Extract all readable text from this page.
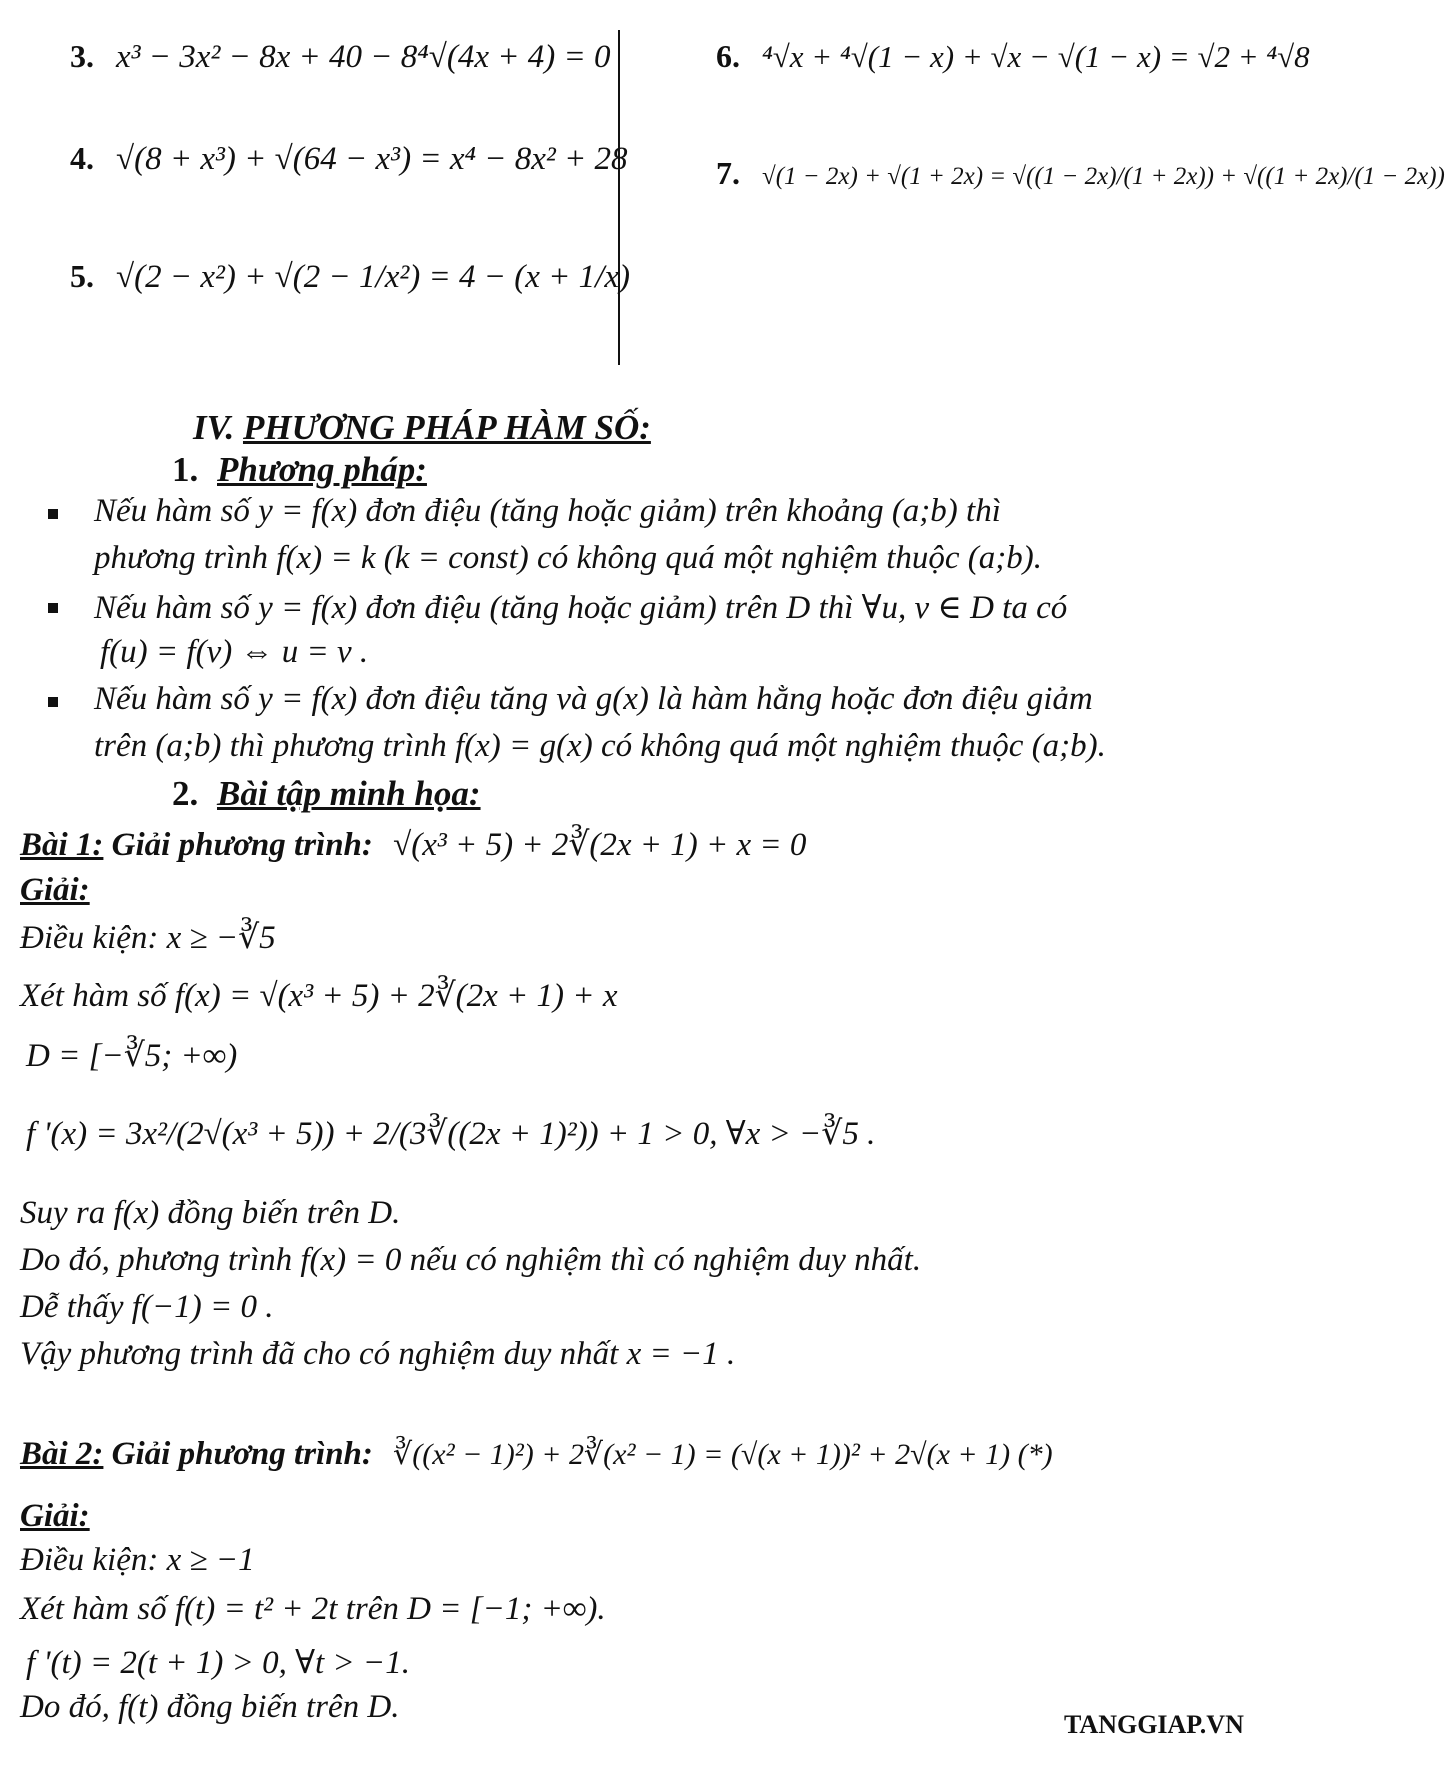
3. x³ − 3x² − 8x + 40 − 8⁴√(4x + 4) = 0
4. √(8 + x³) + √(64 − x³) = x⁴ − 8x² + 28
5. √(2 − x²) + √(2 − 1/x²) = 4 − (x + 1/x)
6. ⁴√x + ⁴√(1 − x) + √x − √(1 − x) = √2 + ⁴√8
7. √(1 − 2x) + √(1 + 2x) = √((1 − 2x)/(1 + 2x)) + √((1 + 2x)/(1 − 2x))
IV. PHƯƠNG PHÁP HÀM SỐ:
1. Phương pháp:
Nếu hàm số y = f(x) đơn điệu (tăng hoặc giảm) trên khoảng (a;b) thì
phương trình f(x) = k (k = const) có không quá một nghiệm thuộc (a;b).
Nếu hàm số y = f(x) đơn điệu (tăng hoặc giảm) trên D thì ∀u, v ∈ D ta có
f(u) = f(v) ⇔ u = v .
Nếu hàm số y = f(x) đơn điệu tăng và g(x) là hàm hằng hoặc đơn điệu giảm
trên (a;b) thì phương trình f(x) = g(x) có không quá một nghiệm thuộc (a;b).
2. Bài tập minh họa:
Bài 1: Giải phương trình: √(x³ + 5) + 2∛(2x + 1) + x = 0
Giải:
Điều kiện: x ≥ −∛5
Xét hàm số f(x) = √(x³ + 5) + 2∛(2x + 1) + x
D = [−∛5; +∞)
f '(x) = 3x²/(2√(x³ + 5)) + 2/(3∛((2x + 1)²)) + 1 > 0, ∀x > −∛5 .
Suy ra f(x) đồng biến trên D.
Do đó, phương trình f(x) = 0 nếu có nghiệm thì có nghiệm duy nhất.
Dễ thấy f(−1) = 0 .
Vậy phương trình đã cho có nghiệm duy nhất x = −1 .
Bài 2: Giải phương trình: ∛((x² − 1)²) + 2∛(x² − 1) = (√(x + 1))² + 2√(x + 1) (*)
Giải:
Điều kiện: x ≥ −1
Xét hàm số f(t) = t² + 2t trên D = [−1; +∞).
f '(t) = 2(t + 1) > 0, ∀t > −1.
Do đó, f(t) đồng biến trên D.	TANGGIAP.VN
